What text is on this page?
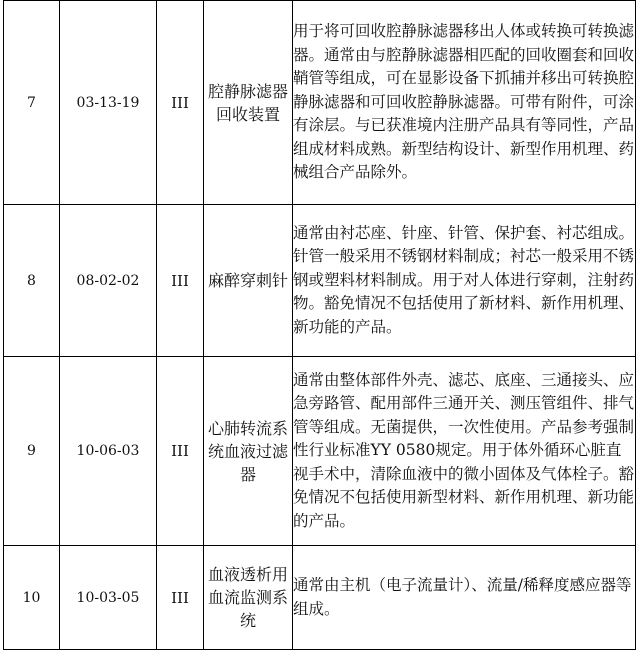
7	03-13-19	III	腔静脉滤器回收装置	用于将可回收腔静脉滤器移出人体或转换可转换滤器。通常由与腔静脉滤器相匹配的回收圈套和回收鞘管等组成，可在显影设备下抓捕并移出可转换腔静脉滤器和可回收腔静脉滤器。可带有附件，可涂有涂层。与已获准境内注册产品具有等同性，产品组成材料成熟。新型结构设计、新型作用机理、药械组合产品除外。
8	08-02-02	III	麻醉穿刺针	通常由衬芯座、针座、针管、保护套、衬芯组成。针管一般采用不锈钢材料制成；衬芯一般采用不锈钢或塑料材料制成。用于对人体进行穿刺，注射药物。豁免情况不包括使用了新材料、新作用机理、新功能的产品。
9	10-06-03	III	心肺转流系统血液过滤器	通常由整体部件外壳、滤芯、底座、三通接头、应急旁路管、配用部件三通开关、测压管组件、排气管等组成。无菌提供，一次性使用。产品参考强制性行业标准YY 0580规定。用于体外循环心脏直视手术中，清除血液中的微小固体及气体栓子。豁免情况不包括使用新型材料、新作用机理、新功能的产品。
10	10-03-05	III	血液透析用血流监测系统	通常由主机（电子流量计）、流量/稀释度感应器等组成。
